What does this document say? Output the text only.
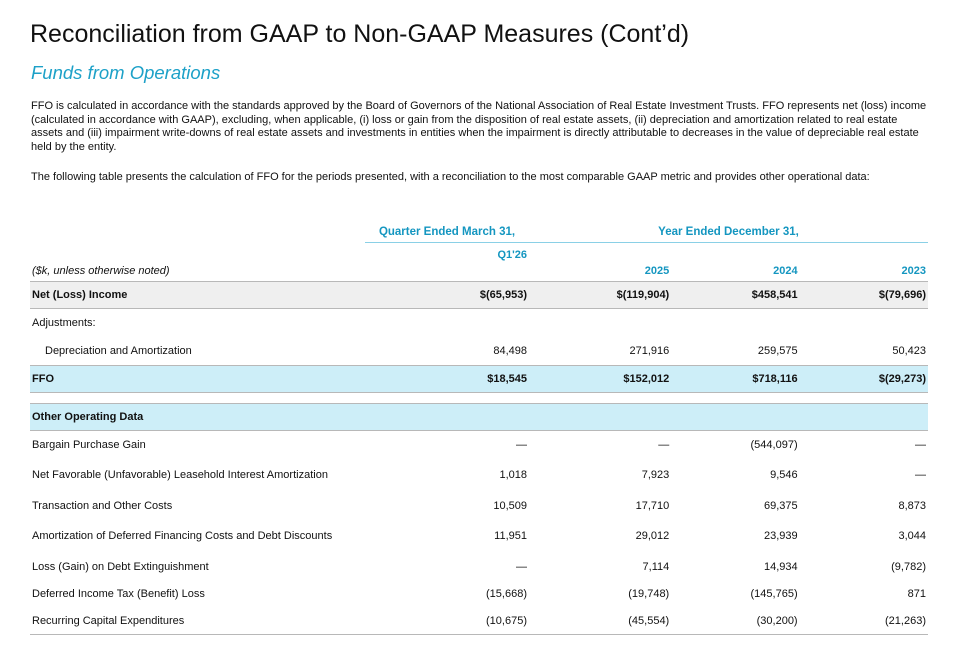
Reconciliation from GAAP to Non-GAAP Measures (Cont’d)
Funds from Operations

FFO is calculated in accordance with the standards approved by the Board of Governors of the National Association of Real Estate Investment Trusts. FFO represents net (loss) income (calculated in accordance with GAAP), excluding, when applicable, (i) loss or gain from the disposition of real estate assets, (ii) depreciation and amortization related to real estate assets and (iii) impairment write-downs of real estate assets and investments in entities when the impairment is directly attributable to decreases in the value of depreciable real estate held by the entity.

The following table presents the calculation of FFO for the periods presented, with a reconciliation to the most comparable GAAP metric and provides other operational data:

	Quarter Ended March 31,	Year Ended December 31,		
($k, unless otherwise noted)	Q1'26	2025	2024	2023
Net (Loss) Income	$(65,953)	$(119,904)	$458,541	$(79,696)
Adjustments:				
Depreciation and Amortization	84,498	271,916	259,575	50,423
FFO	$18,545	$152,012	$718,116	$(29,273)

Other Operating Data				
Bargain Purchase Gain	—	—	(544,097)	—
Net Favorable (Unfavorable) Leasehold Interest Amortization	1,018	7,923	9,546	—
Transaction and Other Costs	10,509	17,710	69,375	8,873
Amortization of Deferred Financing Costs and Debt Discounts	11,951	29,012	23,939	3,044
Loss (Gain) on Debt Extinguishment	—	7,114	14,934	(9,782)
Deferred Income Tax (Benefit) Loss	(15,668)	(19,748)	(145,765)	871
Recurring Capital Expenditures	(10,675)	(45,554)	(30,200)	(21,263)
